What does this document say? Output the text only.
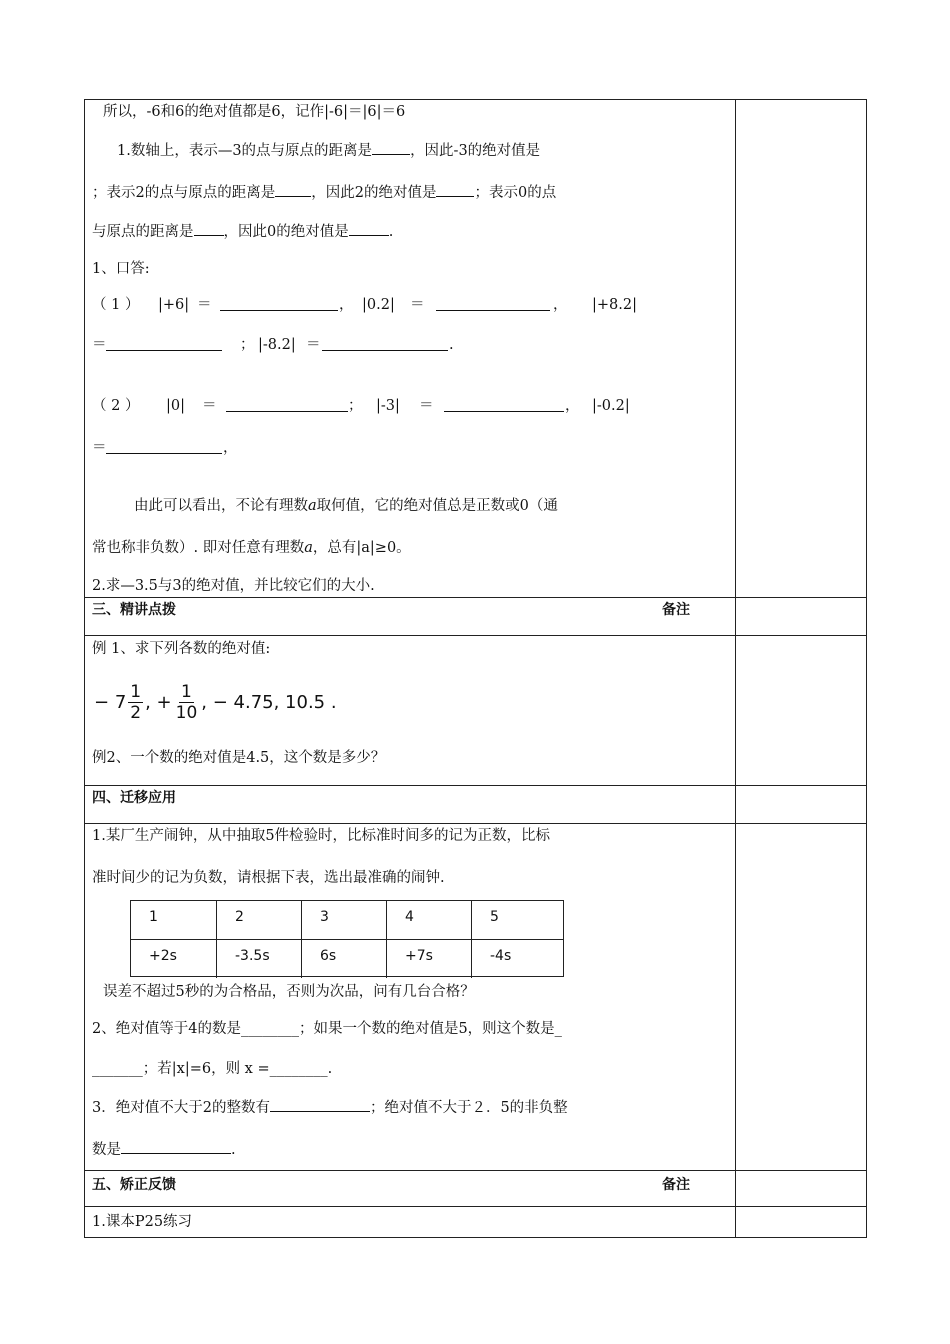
所以，-6和6的绝对值都是6，记作|-6|＝|6|＝6
1.数轴上，表示—3的点与原点的距离是	，因此-3的绝对值是
；表示2的点与原点的距离是 ，因此2的绝对值是	；表示0的点
与原点的距离是 ，因此0的绝对值是	.
1、口答:
（ 1 ） |+6| ＝	， |0.2| ＝	， |+8.2|
＝	； |-8.2| ＝	.
（ 2 ） |0| ＝	； |-3| ＝	， |-0.2|
＝	，
由此可以看出，不论有理数a取何值，它的绝对值总是正数或0（通
常也称非负数）. 即对任意有理数a，总有|a|≥0。
2.求—3.5与3的绝对值，并比较它们的大小.
三、精讲点拨	备注
例 1、求下列各数的绝对值:
− $7 \frac{1}{2}$ , + $\frac{1}{10}$ , − 4.75, 10.5 .
例2、一个数的绝对值是4.5，这个数是多少？
四、迁移应用
1.某厂生产闹钟，从中抽取5件检验时，比标准时间多的记为正数，比标
准时间少的记为负数，请根据下表，选出最准确的闹钟.
1	2	3	4	5
+2s	-3.5s	6s	+7s	-4s
误差不超过5秒的为合格品，否则为次品，问有几台合格？
2、绝对值等于4的数是________；如果一个数的绝对值是5，则这个数是_
_______；若|x|=6，则 x =________.
3．绝对值不大于2的整数有	；绝对值不大于２．5的非负整
数是	.
五、矫正反馈	备注
1.课本P25练习
